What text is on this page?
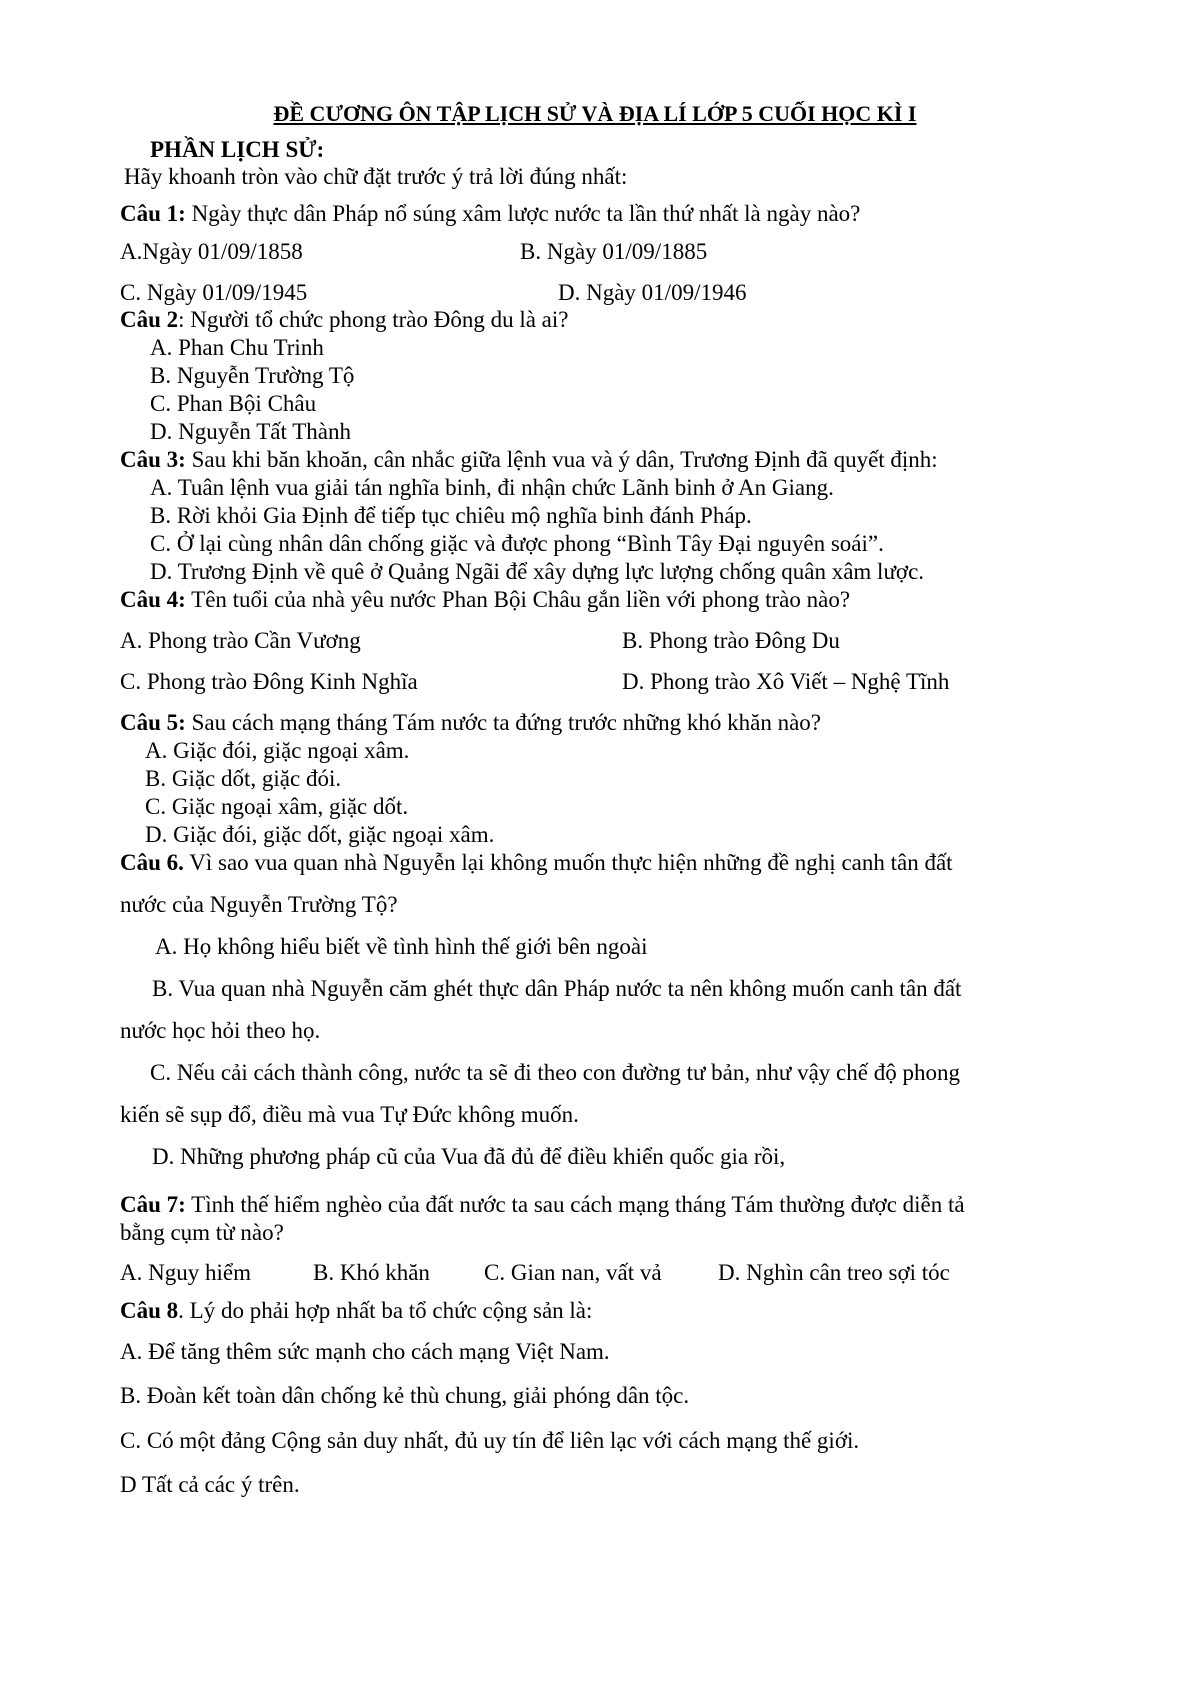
ĐỀ CƯƠNG ÔN TẬP LỊCH SỬ VÀ ĐỊA LÍ LỚP 5 CUỐI HỌC KÌ I
PHẦN LỊCH SỬ:
Hãy khoanh tròn vào chữ đặt trước ý trả lời đúng nhất:
Câu 1: Ngày thực dân Pháp nổ súng xâm lược nước ta lần thứ nhất là ngày nào?
A.Ngày 01/09/1858	B. Ngày 01/09/1885
C. Ngày 01/09/1945	D. Ngày 01/09/1946
Câu 2: Người tổ chức phong trào Đông du là ai?
A. Phan Chu Trinh
B. Nguyễn Trường Tộ
C. Phan Bội Châu
D. Nguyễn Tất Thành
Câu 3: Sau khi băn khoăn, cân nhắc giữa lệnh vua và ý dân, Trương Định đã quyết định:
A. Tuân lệnh vua giải tán nghĩa binh, đi nhận chức Lãnh binh ở An Giang.
B. Rời khỏi Gia Định để tiếp tục chiêu mộ nghĩa binh đánh Pháp.
C. Ở lại cùng nhân dân chống giặc và được phong “Bình Tây Đại nguyên soái”.
D. Trương Định về quê ở Quảng Ngãi để xây dựng lực lượng chống quân xâm lược.
Câu 4: Tên tuổi của nhà yêu nước Phan Bội Châu gắn liền với phong trào nào?
A. Phong trào Cần Vương	B. Phong trào Đông Du
C. Phong trào Đông Kinh Nghĩa	D. Phong trào Xô Viết – Nghệ Tĩnh
Câu 5: Sau cách mạng tháng Tám nước ta đứng trước những khó khăn nào?
A. Giặc đói, giặc ngoại xâm.
B. Giặc dốt, giặc đói.
C. Giặc ngoại xâm, giặc dốt.
D. Giặc đói, giặc dốt, giặc ngoại xâm.
Câu 6. Vì sao vua quan nhà Nguyễn lại không muốn thực hiện những đề nghị canh tân đất
nước của Nguyễn Trường Tộ?
A. Họ không hiểu biết về tình hình thế giới bên ngoài
B. Vua quan nhà Nguyễn căm ghét thực dân Pháp nước ta nên không muốn canh tân đất
nước học hỏi theo họ.
C. Nếu cải cách thành công, nước ta sẽ đi theo con đường tư bản, như vậy chế độ phong
kiến sẽ sụp đổ, điều mà vua Tự Đức không muốn.
D. Những phương pháp cũ của Vua đã đủ để điều khiển quốc gia rồi,
Câu 7: Tình thế hiểm nghèo của đất nước ta sau cách mạng tháng Tám thường được diễn tả
bằng cụm từ nào?
A. Nguy hiểm	B. Khó khăn C. Gian nan, vất vả D. Nghìn cân treo sợi tóc
Câu 8. Lý do phải hợp nhất ba tổ chức cộng sản là:
A. Để tăng thêm sức mạnh cho cách mạng Việt Nam.
B. Đoàn kết toàn dân chống kẻ thù chung, giải phóng dân tộc.
C. Có một đảng Cộng sản duy nhất, đủ uy tín để liên lạc với cách mạng thế giới.
D Tất cả các ý trên.
